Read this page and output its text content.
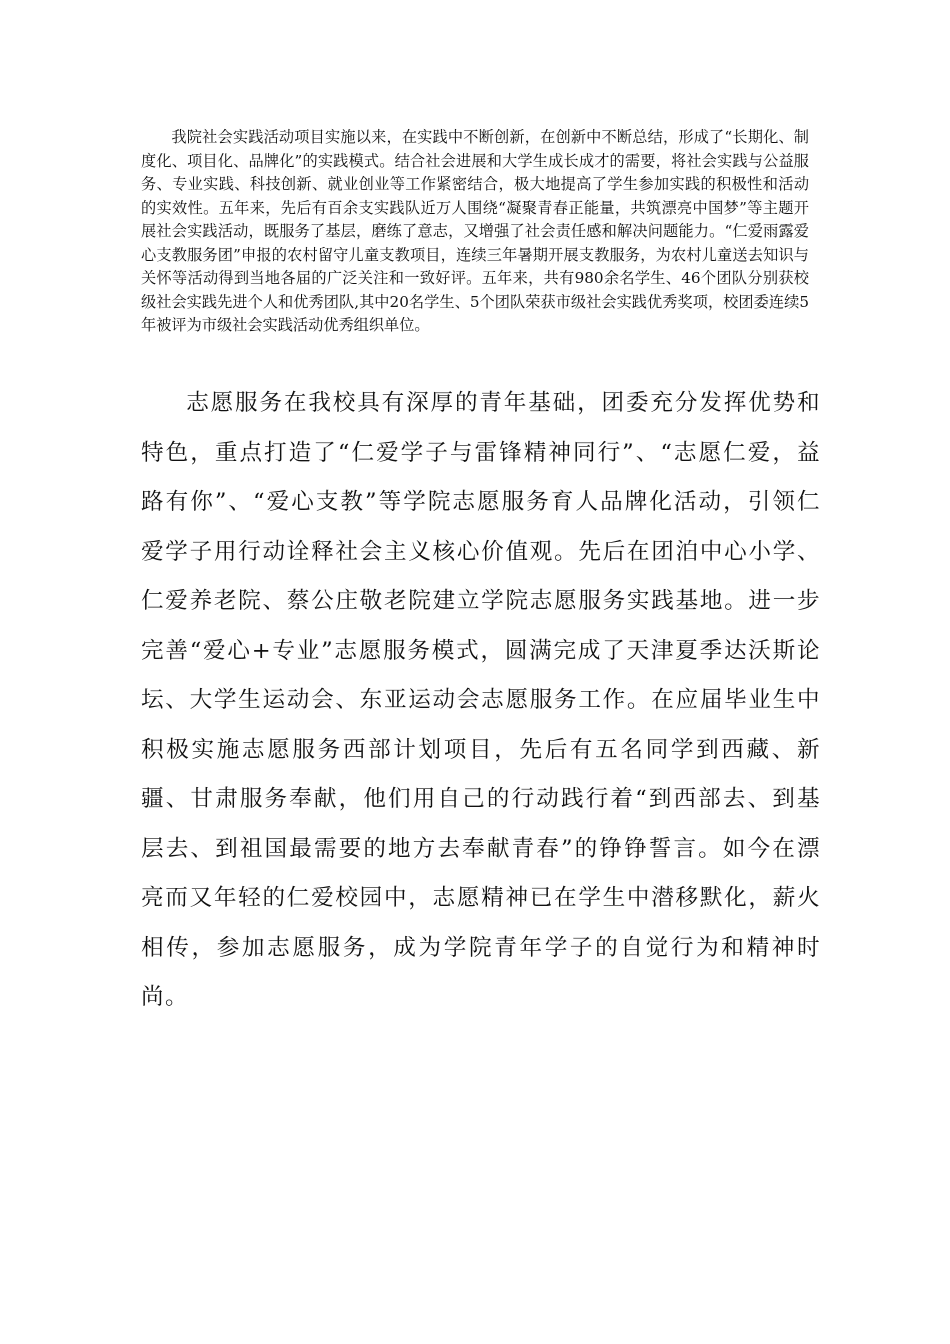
我院社会实践活动项目实施以来，在实践中不断创新，在创新中不断总结，形成了“长期化、制度化、项目化、品牌化”的实践模式。结合社会进展和大学生成长成才的需要，将社会实践与公益服务、专业实践、科技创新、就业创业等工作紧密结合，极大地提高了学生参加实践的积极性和活动的实效性。五年来，先后有百余支实践队近万人围绕“凝聚青春正能量，共筑漂亮中国梦”等主题开展社会实践活动，既服务了基层，磨练了意志，又增强了社会责任感和解决问题能力。“仁爱雨露爱心支教服务团”申报的农村留守儿童支教项目，连续三年暑期开展支教服务，为农村儿童送去知识与关怀等活动得到当地各届的广泛关注和一致好评。五年来，共有980余名学生、46个团队分别获校级社会实践先进个人和优秀团队,其中20名学生、5个团队荣获市级社会实践优秀奖项，校团委连续5年被评为市级社会实践活动优秀组织单位。

志愿服务在我校具有深厚的青年基础，团委充分发挥优势和特色，重点打造了“仁爱学子与雷锋精神同行”、“志愿仁爱，益路有你”、“爱心支教”等学院志愿服务育人品牌化活动，引领仁爱学子用行动诠释社会主义核心价值观。先后在团泊中心小学、仁爱养老院、蔡公庄敬老院建立学院志愿服务实践基地。进一步完善“爱心+专业”志愿服务模式，圆满完成了天津夏季达沃斯论坛、大学生运动会、东亚运动会志愿服务工作。在应届毕业生中积极实施志愿服务西部计划项目，先后有五名同学到西藏、新疆、甘肃服务奉献，他们用自己的行动践行着“到西部去、到基层去、到祖国最需要的地方去奉献青春”的铮铮誓言。如今在漂亮而又年轻的仁爱校园中，志愿精神已在学生中潜移默化，薪火相传，参加志愿服务，成为学院青年学子的自觉行为和精神时尚。
